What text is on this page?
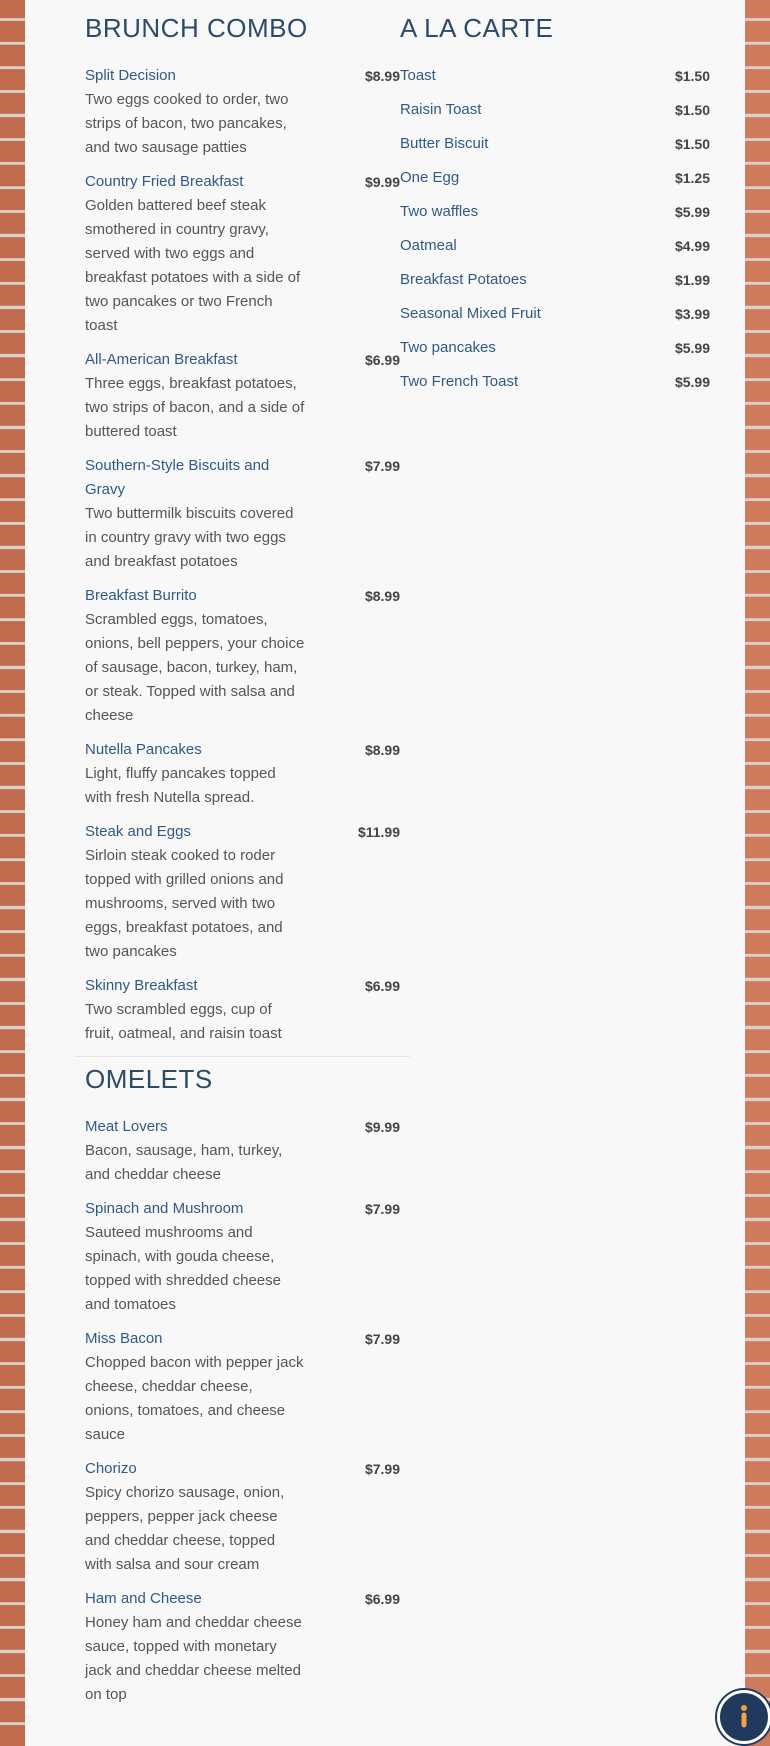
BRUNCH COMBO
Split Decision
Two eggs cooked to order, two strips of bacon, two pancakes, and two sausage patties
$8.99
Country Fried Breakfast
Golden battered beef steak smothered in country gravy, served with two eggs and breakfast potatoes with a side of two pancakes or two French toast
$9.99
All-American Breakfast
Three eggs, breakfast potatoes, two strips of bacon, and a side of buttered toast
$6.99
Southern-Style Biscuits and Gravy
Two buttermilk biscuits covered in country gravy with two eggs and breakfast potatoes
$7.99
Breakfast Burrito
Scrambled eggs, tomatoes, onions, bell peppers, your choice of sausage, bacon, turkey, ham, or steak. Topped with salsa and cheese
$8.99
Nutella Pancakes
Light, fluffy pancakes topped with fresh Nutella spread.
$8.99
Steak and Eggs
Sirloin steak cooked to roder topped with grilled onions and mushrooms, served with two eggs, breakfast potatoes, and two pancakes
$11.99
Skinny Breakfast
Two scrambled eggs, cup of fruit, oatmeal, and raisin toast
$6.99
OMELETS
Meat Lovers
Bacon, sausage, ham, turkey, and cheddar cheese
$9.99
Spinach and Mushroom
Sauteed mushrooms and spinach, with gouda cheese, topped with shredded cheese and tomatoes
$7.99
Miss Bacon
Chopped bacon with pepper jack cheese, cheddar cheese, onions, tomatoes, and cheese sauce
$7.99
Chorizo
Spicy chorizo sausage, onion, peppers, pepper jack cheese and cheddar cheese, topped with salsa and sour cream
$7.99
Ham and Cheese
Honey ham and cheddar cheese sauce, topped with monetary jack and cheddar cheese melted on top
$6.99
A LA CARTE
Toast	$1.50
Raisin Toast	$1.50
Butter Biscuit	$1.50
One Egg	$1.25
Two waffles	$5.99
Oatmeal	$4.99
Breakfast Potatoes	$1.99
Seasonal Mixed Fruit	$3.99
Two pancakes	$5.99
Two French Toast	$5.99
